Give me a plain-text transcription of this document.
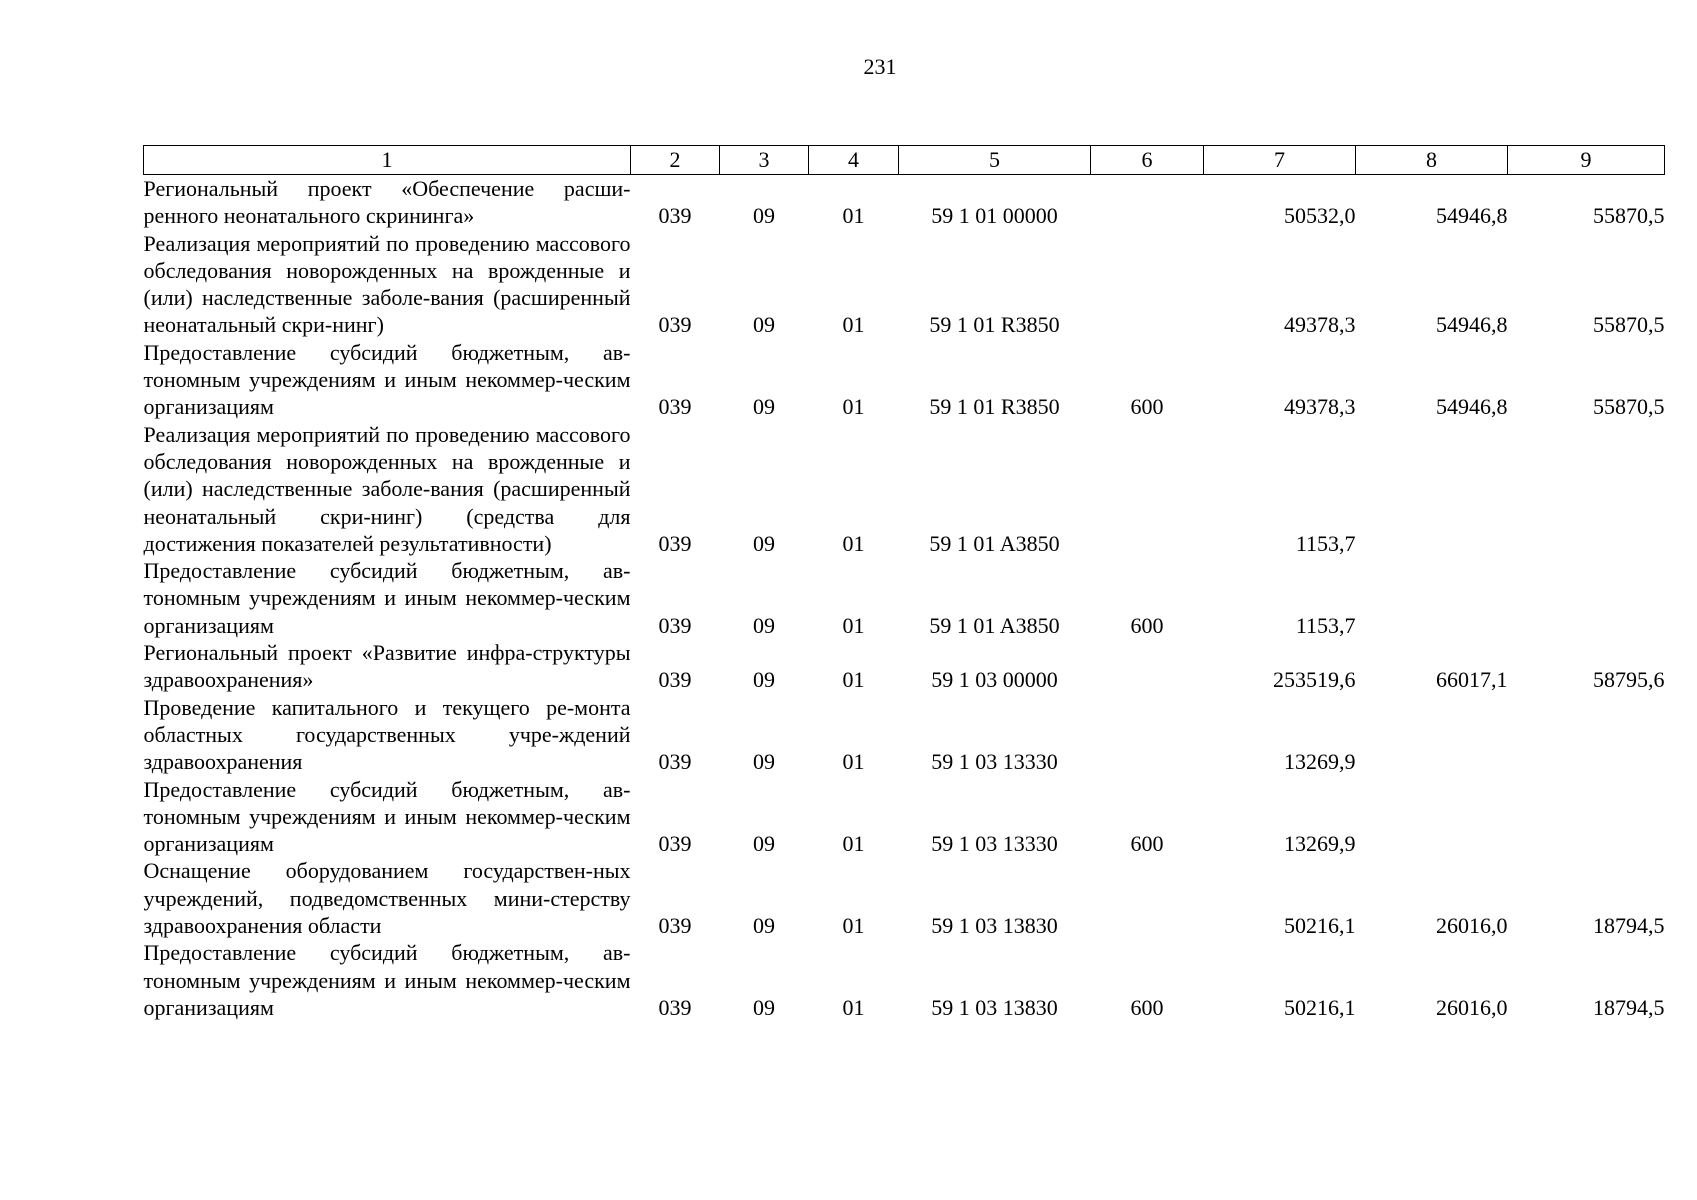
231
1	2	3	4	5	6	7	8	9
Региональный проект «Обеспечение расши-ренного неонатального скрининга»	039	09	01	59 1 01 00000		50532,0	54946,8	55870,5
Реализация мероприятий по проведению массового обследования новорожденных на врожденные и (или) наследственные заболе-вания (расширенный неонатальный скри-нинг)	039	09	01	59 1 01 R3850		49378,3	54946,8	55870,5
Предоставление субсидий бюджетным, ав-тономным учреждениям и иным некоммер-ческим организациям	039	09	01	59 1 01 R3850	600	49378,3	54946,8	55870,5
Реализация мероприятий по проведению массового обследования новорожденных на врожденные и (или) наследственные заболе-вания (расширенный неонатальный скри-нинг) (средства для достижения показателей результативности)	039	09	01	59 1 01 A3850		1153,7		
Предоставление субсидий бюджетным, ав-тономным учреждениям и иным некоммер-ческим организациям	039	09	01	59 1 01 A3850	600	1153,7		
Региональный проект «Развитие инфра-структуры здравоохранения»	039	09	01	59 1 03 00000		253519,6	66017,1	58795,6
Проведение капитального и текущего ре-монта областных государственных учре-ждений здравоохранения	039	09	01	59 1 03 13330		13269,9		
Предоставление субсидий бюджетным, ав-тономным учреждениям и иным некоммер-ческим организациям	039	09	01	59 1 03 13330	600	13269,9		
Оснащение оборудованием государствен-ных учреждений, подведомственных мини-стерству здравоохранения области	039	09	01	59 1 03 13830		50216,1	26016,0	18794,5
Предоставление субсидий бюджетным, ав-тономным учреждениям и иным некоммер-ческим организациям	039	09	01	59 1 03 13830	600	50216,1	26016,0	18794,5
